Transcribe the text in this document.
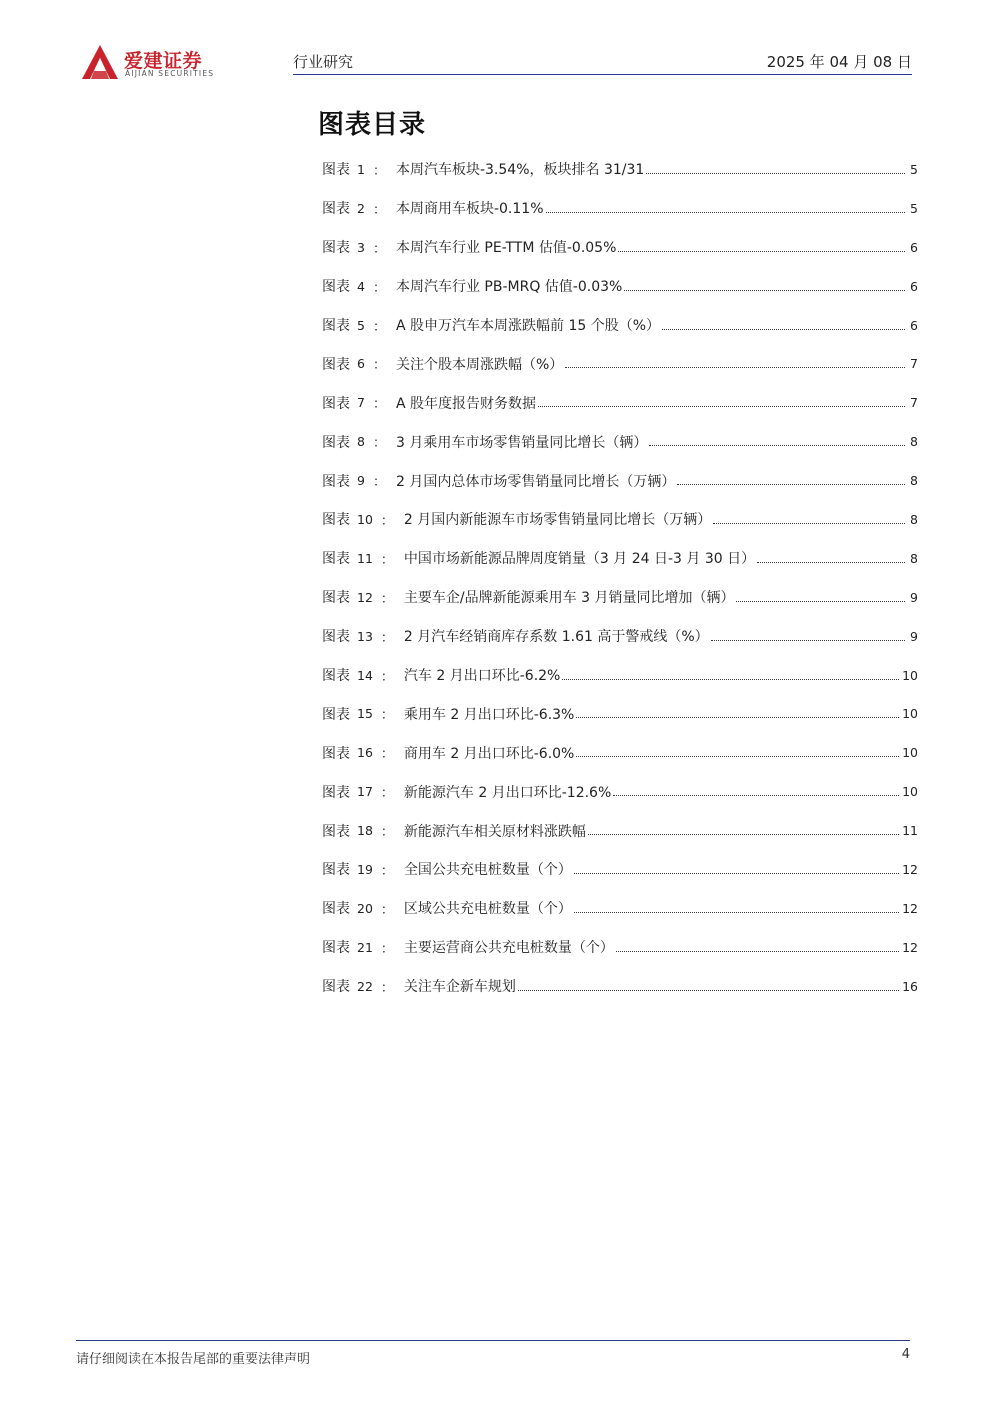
爱建证券
AIJIAN SECURITIES
行业研究	2025 年 04 月 08 日
图表目录
图表 1 ： 本周汽车板块-3.54%，板块排名 31/31	5
图表 2 ： 本周商用车板块-0.11%	5
图表 3 ： 本周汽车行业 PE-TTM 估值-0.05%	6
图表 4 ： 本周汽车行业 PB-MRQ 估值-0.03%	6
图表 5 ： A 股申万汽车本周涨跌幅前 15 个股（%）	6
图表 6 ： 关注个股本周涨跌幅（%）	7
图表 7 ： A 股年度报告财务数据	7
图表 8 ： 3 月乘用车市场零售销量同比增长（辆）	8
图表 9 ： 2 月国内总体市场零售销量同比增长（万辆）	8
图表 10 ： 2 月国内新能源车市场零售销量同比增长（万辆）	8
图表 11 ： 中国市场新能源品牌周度销量（3 月 24 日-3 月 30 日）	8
图表 12 ： 主要车企/品牌新能源乘用车 3 月销量同比增加（辆）	9
图表 13 ： 2 月汽车经销商库存系数 1.61 高于警戒线（%）	9
图表 14 ： 汽车 2 月出口环比-6.2%	10
图表 15 ： 乘用车 2 月出口环比-6.3%	10
图表 16 ： 商用车 2 月出口环比-6.0%	10
图表 17 ： 新能源汽车 2 月出口环比-12.6%	10
图表 18 ： 新能源汽车相关原材料涨跌幅	11
图表 19 ： 全国公共充电桩数量（个）	12
图表 20 ： 区域公共充电桩数量（个）	12
图表 21 ： 主要运营商公共充电桩数量（个）	12
图表 22 ： 关注车企新车规划	16
请仔细阅读在本报告尾部的重要法律声明	4
